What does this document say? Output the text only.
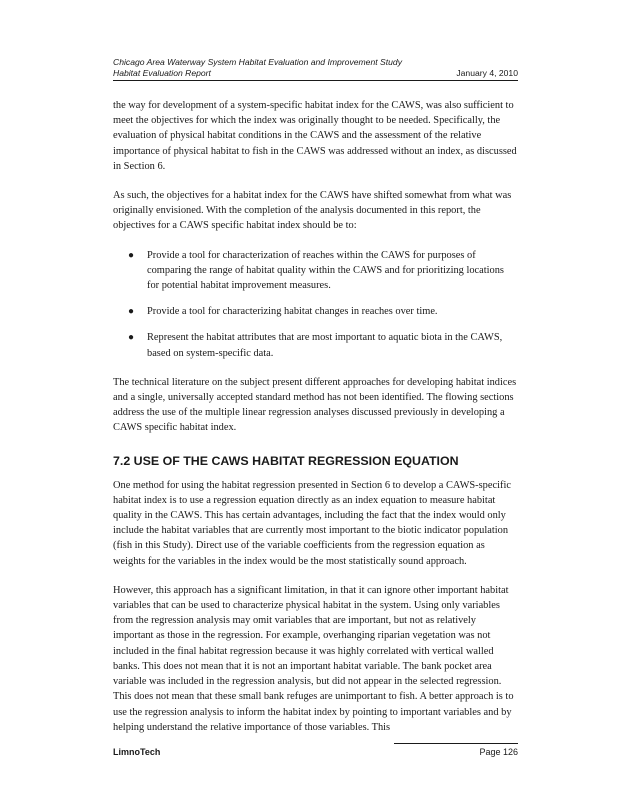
Chicago Area Waterway System Habitat Evaluation and Improvement Study
Habitat Evaluation Report	January 4, 2010

the way for development of a system-specific habitat index for the CAWS, was also sufficient to meet the objectives for which the index was originally thought to be needed. Specifically, the evaluation of physical habitat conditions in the CAWS and the assessment of the relative importance of physical habitat to fish in the CAWS was addressed without an index, as discussed in Section 6.

As such, the objectives for a habitat index for the CAWS have shifted somewhat from what was originally envisioned. With the completion of the analysis documented in this report, the objectives for a CAWS specific habitat index should be to:

● Provide a tool for characterization of reaches within the CAWS for purposes of comparing the range of habitat quality within the CAWS and for prioritizing locations for potential habitat improvement measures.
● Provide a tool for characterizing habitat changes in reaches over time.
● Represent the habitat attributes that are most important to aquatic biota in the CAWS, based on system-specific data.

The technical literature on the subject present different approaches for developing habitat indices and a single, universally accepted standard method has not been identified. The flowing sections address the use of the multiple linear regression analyses discussed previously in developing a CAWS specific habitat index.

7.2 USE OF THE CAWS HABITAT REGRESSION EQUATION

One method for using the habitat regression presented in Section 6 to develop a CAWS-specific habitat index is to use a regression equation directly as an index equation to measure habitat quality in the CAWS. This has certain advantages, including the fact that the index would only include the habitat variables that are currently most important to the biotic indicator population (fish in this Study). Direct use of the variable coefficients from the regression equation as weights for the variables in the index would be the most statistically sound approach.

However, this approach has a significant limitation, in that it can ignore other important habitat variables that can be used to characterize physical habitat in the system. Using only variables from the regression analysis may omit variables that are important, but not as relatively important as those in the regression. For example, overhanging riparian vegetation was not included in the final habitat regression because it was highly correlated with vertical walled banks. This does not mean that it is not an important habitat variable. The bank pocket area variable was included in the regression analysis, but did not appear in the selected regression. This does not mean that these small bank refuges are unimportant to fish. A better approach is to use the regression analysis to inform the habitat index by pointing to important variables and by helping understand the relative importance of those variables. This

LimnoTech	Page 126
